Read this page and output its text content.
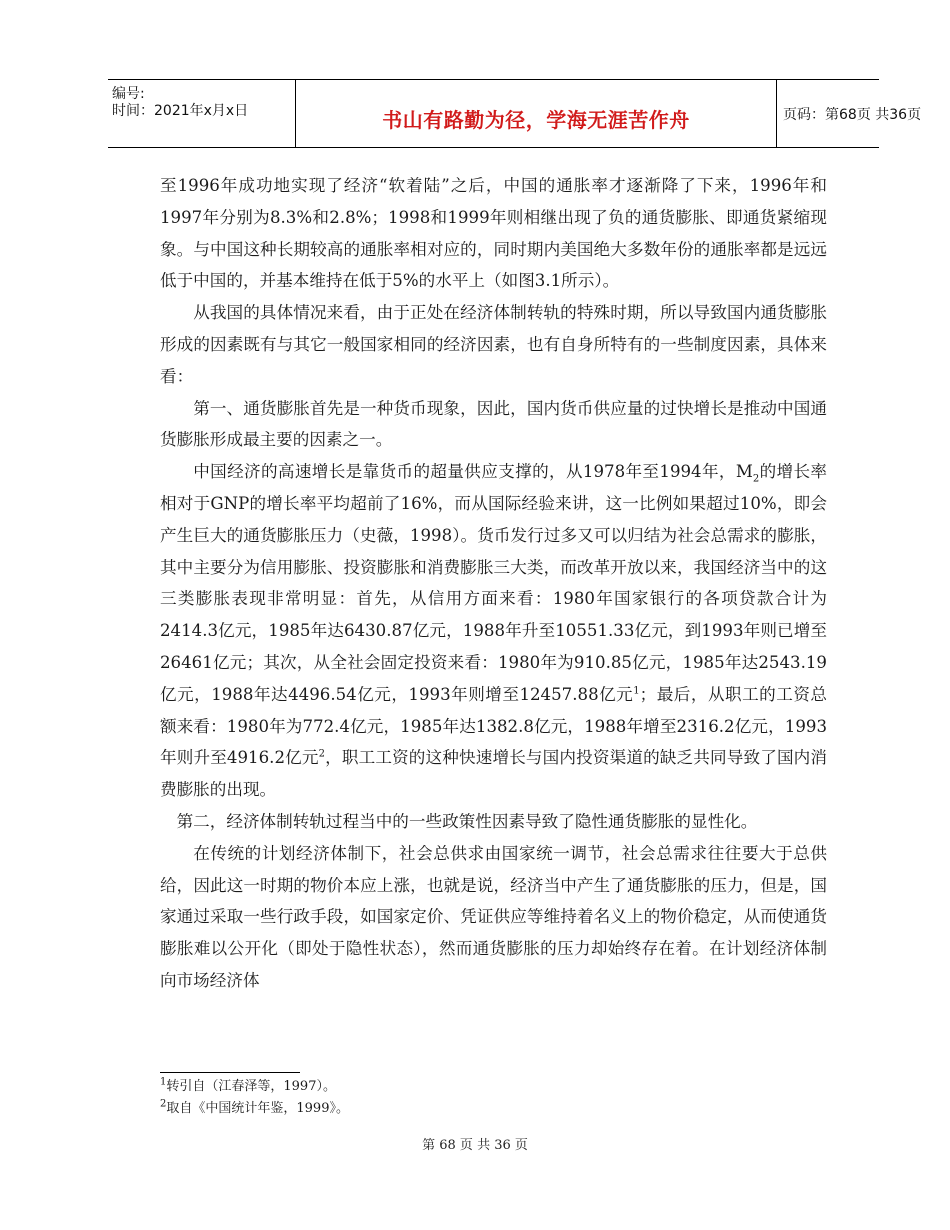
编号:
时间：2021年x月x日	书山有路勤为径，学海无涯苦作舟	页码：第68页 共36页

至1996年成功地实现了经济“软着陆”之后，中国的通胀率才逐渐降了下来，1996年和1997年分别为8.3%和2.8%；1998和1999年则相继出现了负的通货膨胀、即通货紧缩现象。与中国这种长期较高的通胀率相对应的，同时期内美国绝大多数年份的通胀率都是远远低于中国的，并基本维持在低于5%的水平上（如图3.1所示）。

从我国的具体情况来看，由于正处在经济体制转轨的特殊时期，所以导致国内通货膨胀形成的因素既有与其它一般国家相同的经济因素，也有自身所特有的一些制度因素，具体来看：

第一、通货膨胀首先是一种货币现象，因此，国内货币供应量的过快增长是推动中国通货膨胀形成最主要的因素之一。

中国经济的高速增长是靠货币的超量供应支撑的，从1978年至1994年，$M_2$的增长率相对于GNP的增长率平均超前了16%，而从国际经验来讲，这一比例如果超过10%，即会产生巨大的通货膨胀压力（史薇，1998）。货币发行过多又可以归结为社会总需求的膨胀，其中主要分为信用膨胀、投资膨胀和消费膨胀三大类，而改革开放以来，我国经济当中的这三类膨胀表现非常明显：首先，从信用方面来看：1980年国家银行的各项贷款合计为2414.3亿元，1985年达6430.87亿元，1988年升至10551.33亿元，到1993年则已增至26461亿元；其次，从全社会固定投资来看：1980年为910.85亿元，1985年达2543.19亿元，1988年达4496.54亿元，1993年则增至12457.88亿元$^1$；最后，从职工的工资总额来看：1980年为772.4亿元，1985年达1382.8亿元，1988年增至2316.2亿元，1993年则升至4916.2亿元$^2$，职工工资的这种快速增长与国内投资渠道的缺乏共同导致了国内消费膨胀的出现。

第二，经济体制转轨过程当中的一些政策性因素导致了隐性通货膨胀的显性化。

在传统的计划经济体制下，社会总供求由国家统一调节，社会总需求往往要大于总供给，因此这一时期的物价本应上涨，也就是说，经济当中产生了通货膨胀的压力，但是，国家通过采取一些行政手段，如国家定价、凭证供应等维持着名义上的物价稳定，从而使通货膨胀难以公开化（即处于隐性状态），然而通货膨胀的压力却始终存在着。在计划经济体制向市场经济体

$^1$转引自（江春泽等，1997）。

$^2$取自《中国统计年鉴，1999》。

第 68 页 共 36 页
